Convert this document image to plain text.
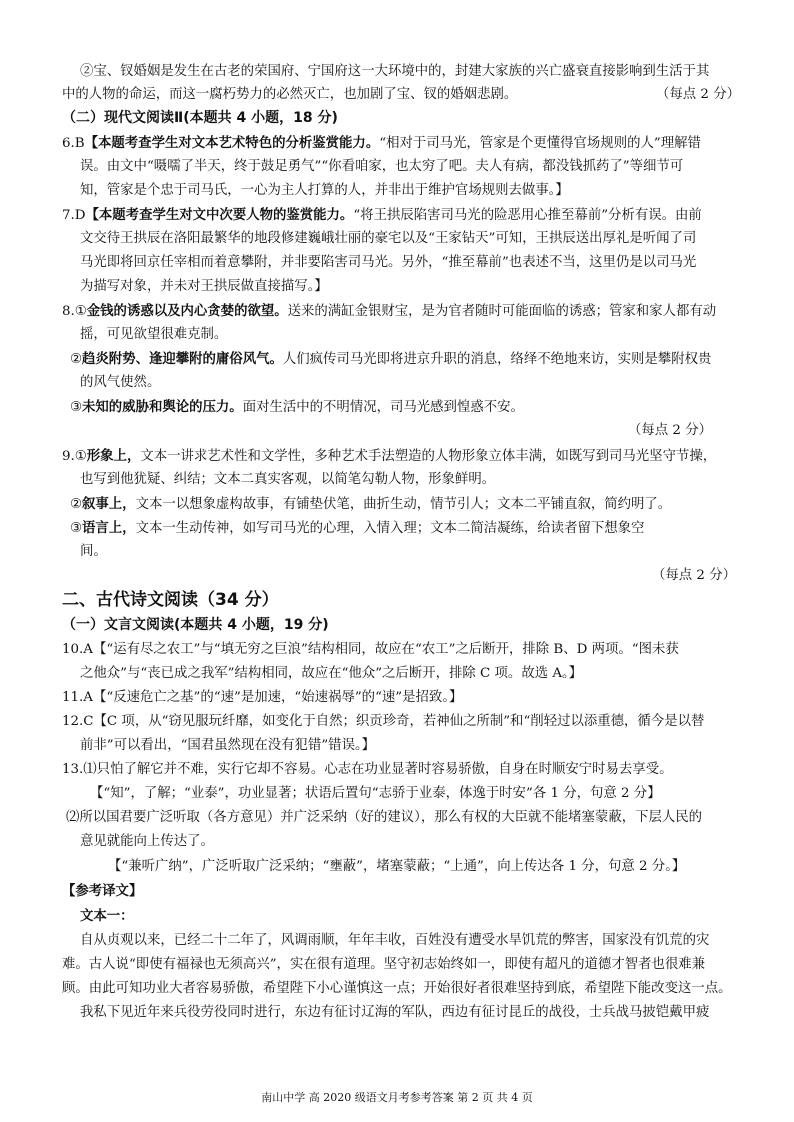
②宝、钗婚姻是发生在古老的荣国府、宁国府这一大环境中的，封建大家族的兴亡盛衰直接影响到生活于其
中的人物的命运，而这一腐朽势力的必然灭亡，也加剧了宝、钗的婚姻悲剧。	（每点 2 分）
（二）现代文阅读Ⅱ(本题共 4 小题，18 分)
6.B【本题考查学生对文本艺术特色的分析鉴赏能力。“相对于司马光，管家是个更懂得官场规则的人”理解错
误。由文中“嗫嚅了半天，终于鼓足勇气”“你看咱家，也太穷了吧。夫人有病，都没钱抓药了”等细节可
知，管家是个忠于司马氏，一心为主人打算的人，并非出于维护官场规则去做事。】
7.D【本题考查学生对文中次要人物的鉴赏能力。“将王拱辰陷害司马光的险恶用心推至幕前”分析有误。由前
文交待王拱辰在洛阳最繁华的地段修建巍峨壮丽的豪宅以及“王家钻天”可知，王拱辰送出厚礼是听闻了司
马光即将回京任宰相而着意攀附，并非要陷害司马光。另外，“推至幕前”也表述不当，这里仍是以司马光
为描写对象，并未对王拱辰做直接描写。】
8.①金钱的诱惑以及内心贪婪的欲望。送来的满缸金银财宝，是为官者随时可能面临的诱惑；管家和家人都有动
摇，可见欲望很难克制。
②趋炎附势、逢迎攀附的庸俗风气。人们疯传司马光即将进京升职的消息，络绎不绝地来访，实则是攀附权贵
的风气使然。
③未知的威胁和舆论的压力。面对生活中的不明情况，司马光感到惶惑不安。
（每点 2 分）
9.①形象上，文本一讲求艺术性和文学性，多种艺术手法塑造的人物形象立体丰满，如既写到司马光坚守节操，
也写到他犹疑、纠结；文本二真实客观，以简笔勾勒人物，形象鲜明。
②叙事上，文本一以想象虚构故事，有铺垫伏笔，曲折生动，情节引人；文本二平铺直叙，简约明了。
③语言上，文本一生动传神，如写司马光的心理，入情入理；文本二简洁凝练，给读者留下想象空
间。
（每点 2 分）
二、古代诗文阅读（34 分）
（一）文言文阅读(本题共 4 小题，19 分)
10.A【“运有尽之农工”与“填无穷之巨浪”结构相同，故应在“农工”之后断开，排除 B、D 两项。“图未获
之他众”与“丧已成之我军”结构相同，故应在“他众”之后断开，排除 C 项。故选 A。】
11.A【“反速危亡之基”的“速”是加速，“始速祸辱”的“速”是招致。】
12.C【C 项，从“窃见服玩纤靡，如变化于自然；织贡珍奇，若神仙之所制”和“削轻过以添重德，循今是以替
前非”可以看出，“国君虽然现在没有犯错”错误。】
13.⑴只怕了解它并不难，实行它却不容易。心志在功业显著时容易骄傲，自身在时顺安宁时易去享受。
【“知”，了解；“业泰”，功业显著；状语后置句“志骄于业泰，体逸于时安”各 1 分，句意 2 分】
⑵所以国君要广泛听取（各方意见）并广泛采纳（好的建议），那么有权的大臣就不能堵塞蒙蔽，下层人民的
意见就能向上传达了。
【“兼听广纳”，广泛听取广泛采纳；“壅蔽”，堵塞蒙蔽；“上通”，向上传达各 1 分，句意 2 分。】
【参考译文】
文本一：
自从贞观以来，已经二十二年了，风调雨顺，年年丰收，百姓没有遭受水旱饥荒的弊害，国家没有饥荒的灾
难。古人说“即使有福禄也无须高兴”，实在很有道理。坚守初志始终如一，即使有超凡的道德才智者也很难兼
顾。由此可知功业大者容易骄傲，希望陛下小心谨慎这一点；开始很好者很难坚持到底，希望陛下能改变这一点。
我私下见近年来兵役劳役同时进行，东边有征讨辽海的军队，西边有征讨昆丘的战役，士兵战马披铠戴甲疲
南山中学 高 2020 级语文月考参考答案 第 2 页 共 4 页
